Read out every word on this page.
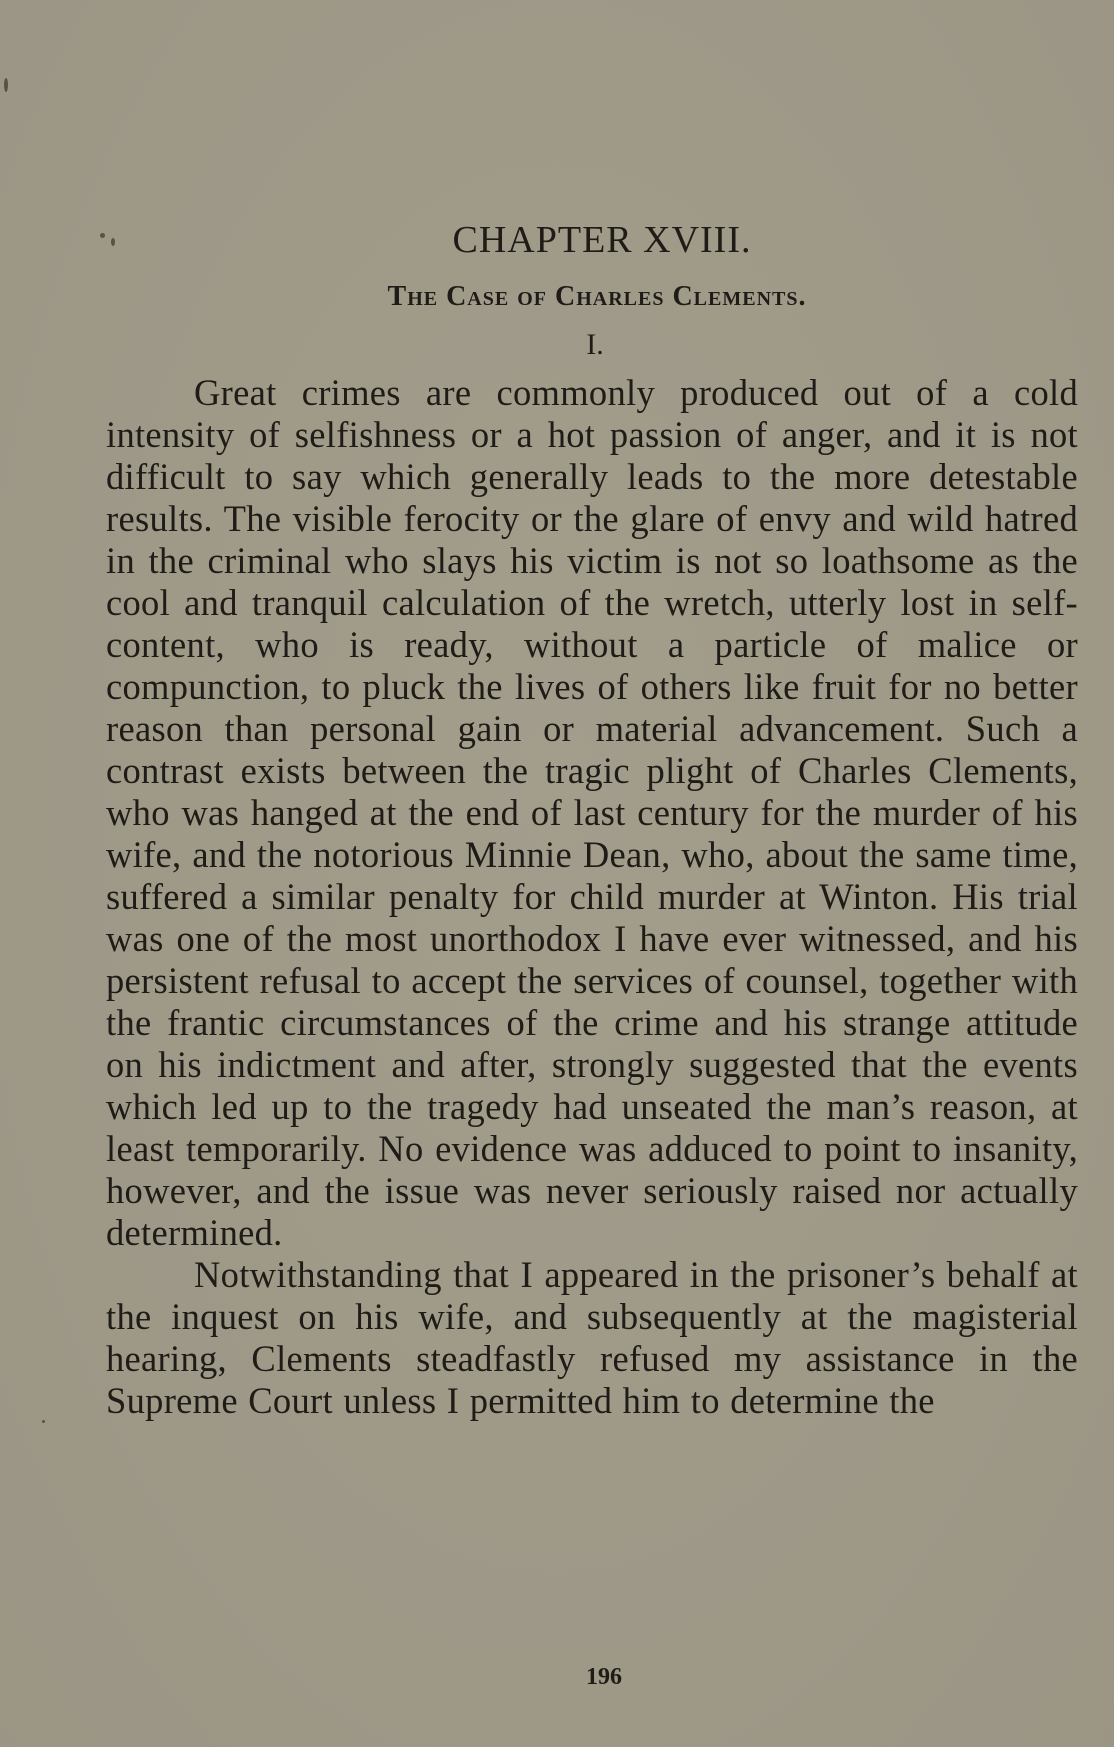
CHAPTER XVIII.
The Case of Charles Clements.
I.

Great crimes are commonly produced out of a cold intensity of selfishness or a hot passion of anger, and it is not difficult to say which generally leads to the more detestable results. The visible ferocity or the glare of envy and wild hatred in the criminal who slays his victim is not so loathsome as the cool and tranquil calculation of the wretch, utterly lost in self-content, who is ready, without a particle of malice or compunction, to pluck the lives of others like fruit for no better reason than personal gain or material advancement. Such a contrast exists between the tragic plight of Charles Clements, who was hanged at the end of last century for the murder of his wife, and the notorious Minnie Dean, who, about the same time, suffered a similar penalty for child murder at Winton. His trial was one of the most unorthodox I have ever witnessed, and his persistent refusal to accept the services of counsel, together with the frantic circumstances of the crime and his strange attitude on his indictment and after, strongly suggested that the events which led up to the tragedy had unseated the man’s reason, at least temporarily. No evidence was adduced to point to insanity, however, and the issue was never seriously raised nor actually determined.

Notwithstanding that I appeared in the prisoner’s behalf at the inquest on his wife, and subsequently at the magisterial hearing, Clements steadfastly refused my assistance in the Supreme Court unless I permitted him to determine the

196
